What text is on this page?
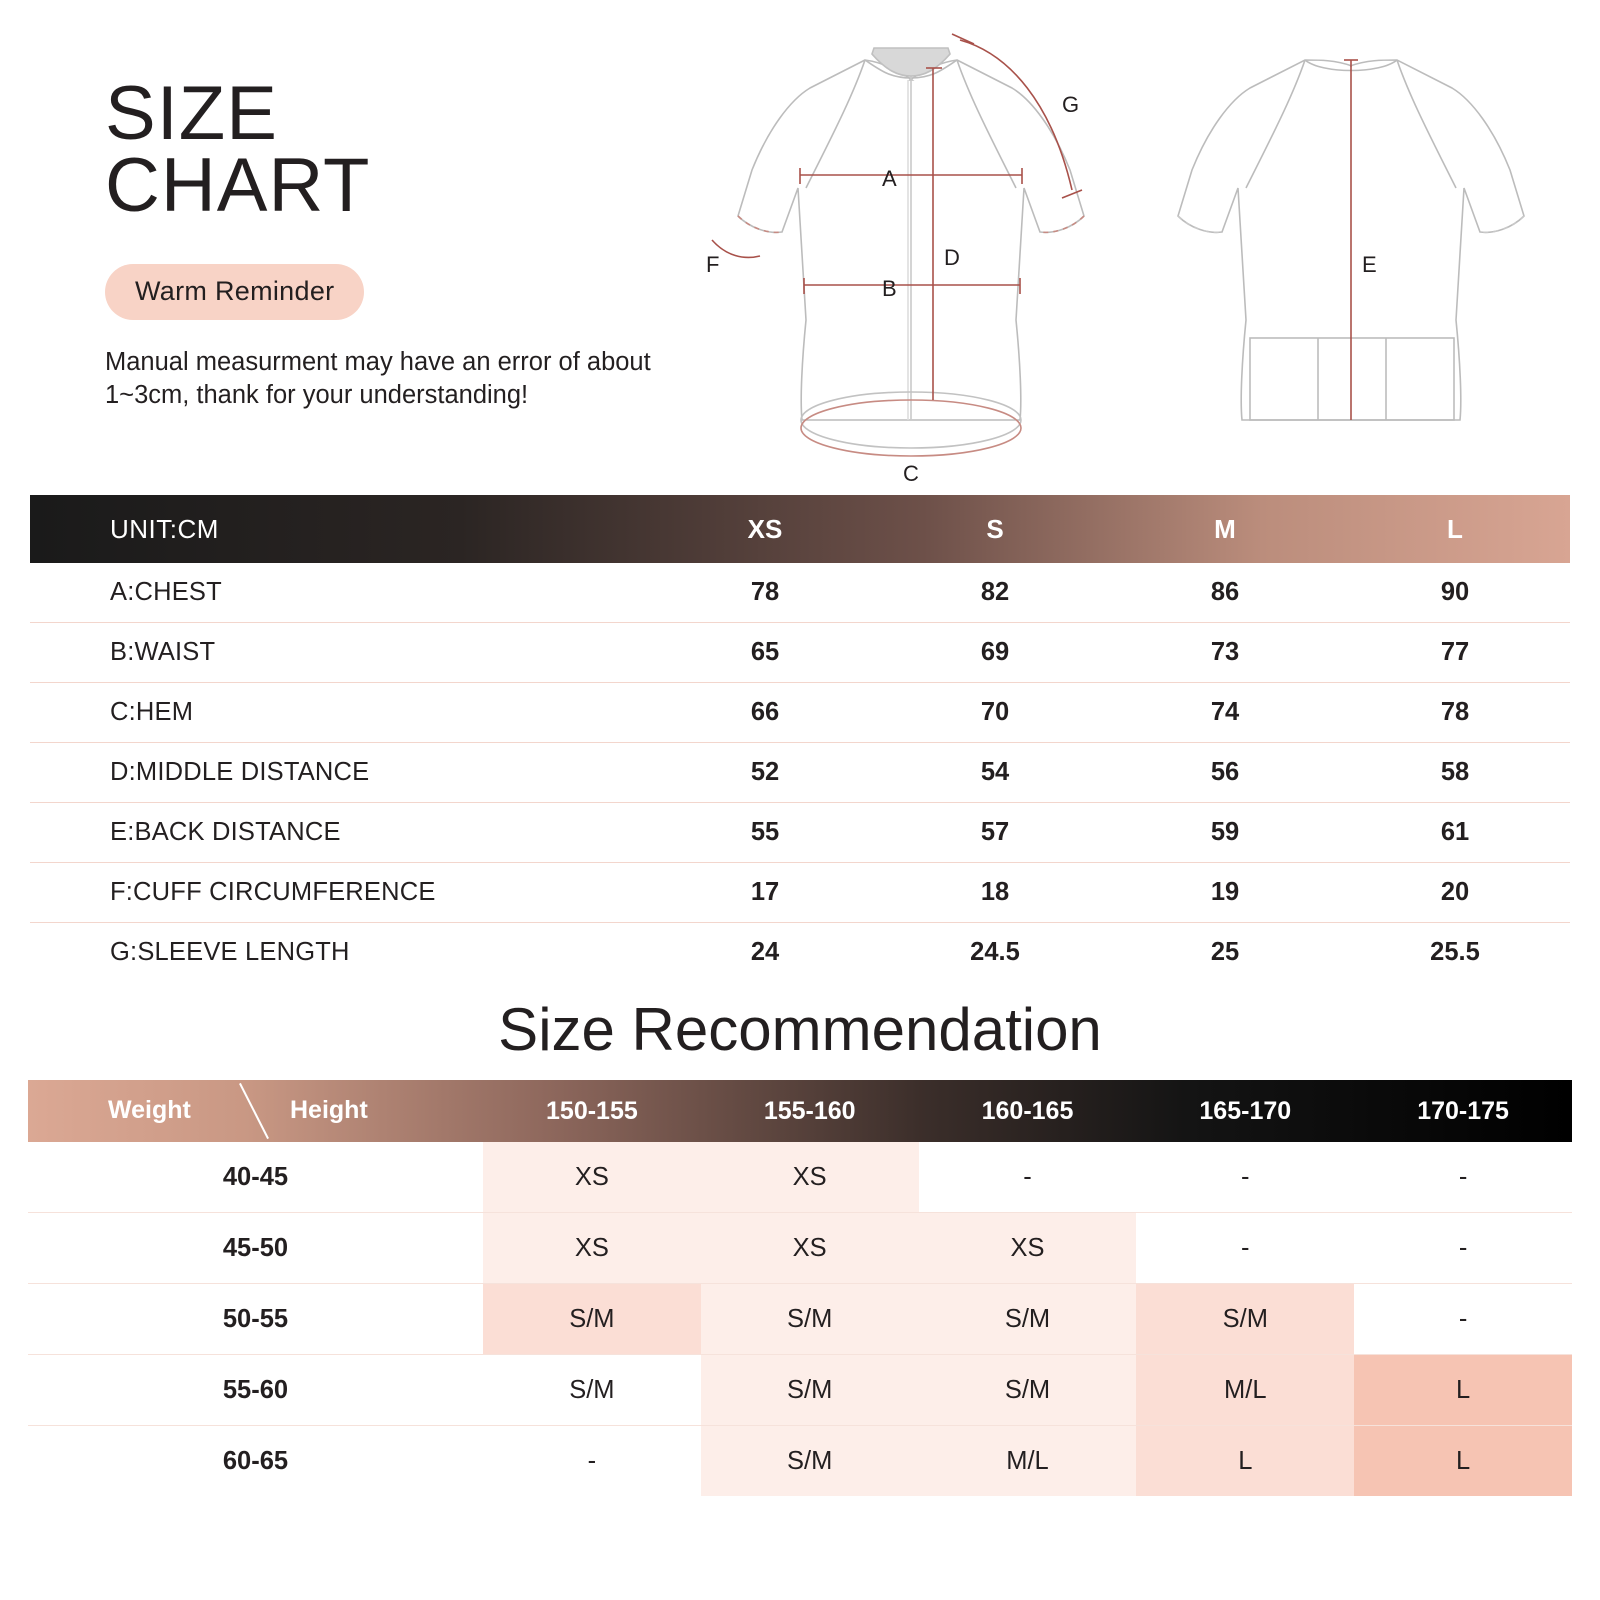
SIZE
CHART
Warm Reminder
Manual measurment may have an error of about 1~3cm, thank for your understanding!
A
B
C
D
F
G
E
UNIT:CM	XS	S	M	L
A:CHEST	78	82	86	90
B:WAIST	65	69	73	77
C:HEM	66	70	74	78
D:MIDDLE DISTANCE	52	54	56	58
E:BACK DISTANCE	55	57	59	61
F:CUFF CIRCUMFERENCE	17	18	19	20
G:SLEEVE LENGTH	24	24.5	25	25.5
Size Recommendation
Weight	Height	150-155	155-160	160-165	165-170	170-175
40-45	XS	XS	-	-	-
45-50	XS	XS	XS	-	-
50-55	S/M	S/M	S/M	S/M	-
55-60	S/M	S/M	S/M	M/L	L
60-65	-	S/M	M/L	L	L
